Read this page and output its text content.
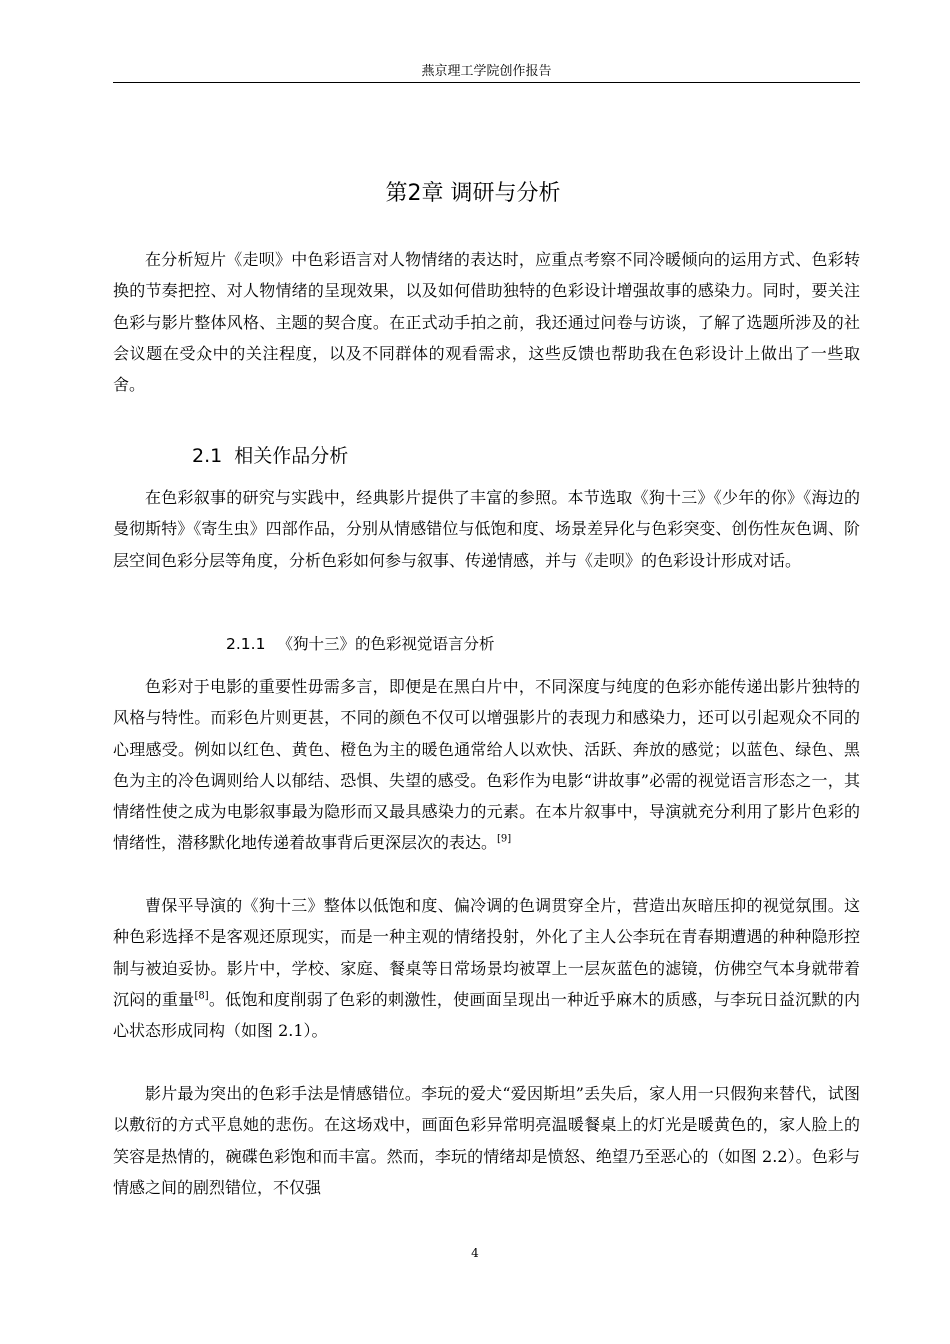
燕京理工学院创作报告
第2章 调研与分析

在分析短片《走呗》中色彩语言对人物情绪的表达时，应重点考察不同冷暖倾向的运用方式、色彩转换的节奏把控、对人物情绪的呈现效果，以及如何借助独特的色彩设计增强故事的感染力。同时，要关注色彩与影片整体风格、主题的契合度。在正式动手拍之前，我还通过问卷与访谈，了解了选题所涉及的社会议题在受众中的关注程度，以及不同群体的观看需求，这些反馈也帮助我在色彩设计上做出了一些取舍。

2.1 相关作品分析

在色彩叙事的研究与实践中，经典影片提供了丰富的参照。本节选取《狗十三》《少年的你》《海边的曼彻斯特》《寄生虫》四部作品，分别从情感错位与低饱和度、场景差异化与色彩突变、创伤性灰色调、阶层空间色彩分层等角度，分析色彩如何参与叙事、传递情感，并与《走呗》的色彩设计形成对话。

2.1.1 《狗十三》的色彩视觉语言分析

色彩对于电影的重要性毋需多言，即便是在黑白片中，不同深度与纯度的色彩亦能传递出影片独特的风格与特性。而彩色片则更甚，不同的颜色不仅可以增强影片的表现力和感染力，还可以引起观众不同的心理感受。例如以红色、黄色、橙色为主的暖色通常给人以欢快、活跃、奔放的感觉；以蓝色、绿色、黑色为主的冷色调则给人以郁结、恐惧、失望的感受。色彩作为电影“讲故事”必需的视觉语言形态之一，其情绪性使之成为电影叙事最为隐形而又最具感染力的元素。在本片叙事中，导演就充分利用了影片色彩的情绪性，潜移默化地传递着故事背后更深层次的表达。[9]

曹保平导演的《狗十三》整体以低饱和度、偏冷调的色调贯穿全片，营造出灰暗压抑的视觉氛围。这种色彩选择不是客观还原现实，而是一种主观的情绪投射，外化了主人公李玩在青春期遭遇的种种隐形控制与被迫妥协。影片中，学校、家庭、餐桌等日常场景均被罩上一层灰蓝色的滤镜，仿佛空气本身就带着沉闷的重量[8]。低饱和度削弱了色彩的刺激性，使画面呈现出一种近乎麻木的质感，与李玩日益沉默的内心状态形成同构（如图 2.1）。

影片最为突出的色彩手法是情感错位。李玩的爱犬“爱因斯坦”丢失后，家人用一只假狗来替代，试图以敷衍的方式平息她的悲伤。在这场戏中，画面色彩异常明亮温暖餐桌上的灯光是暖黄色的，家人脸上的笑容是热情的，碗碟色彩饱和而丰富。然而，李玩的情绪却是愤怒、绝望乃至恶心的（如图 2.2）。色彩与情感之间的剧烈错位，不仅强

4
